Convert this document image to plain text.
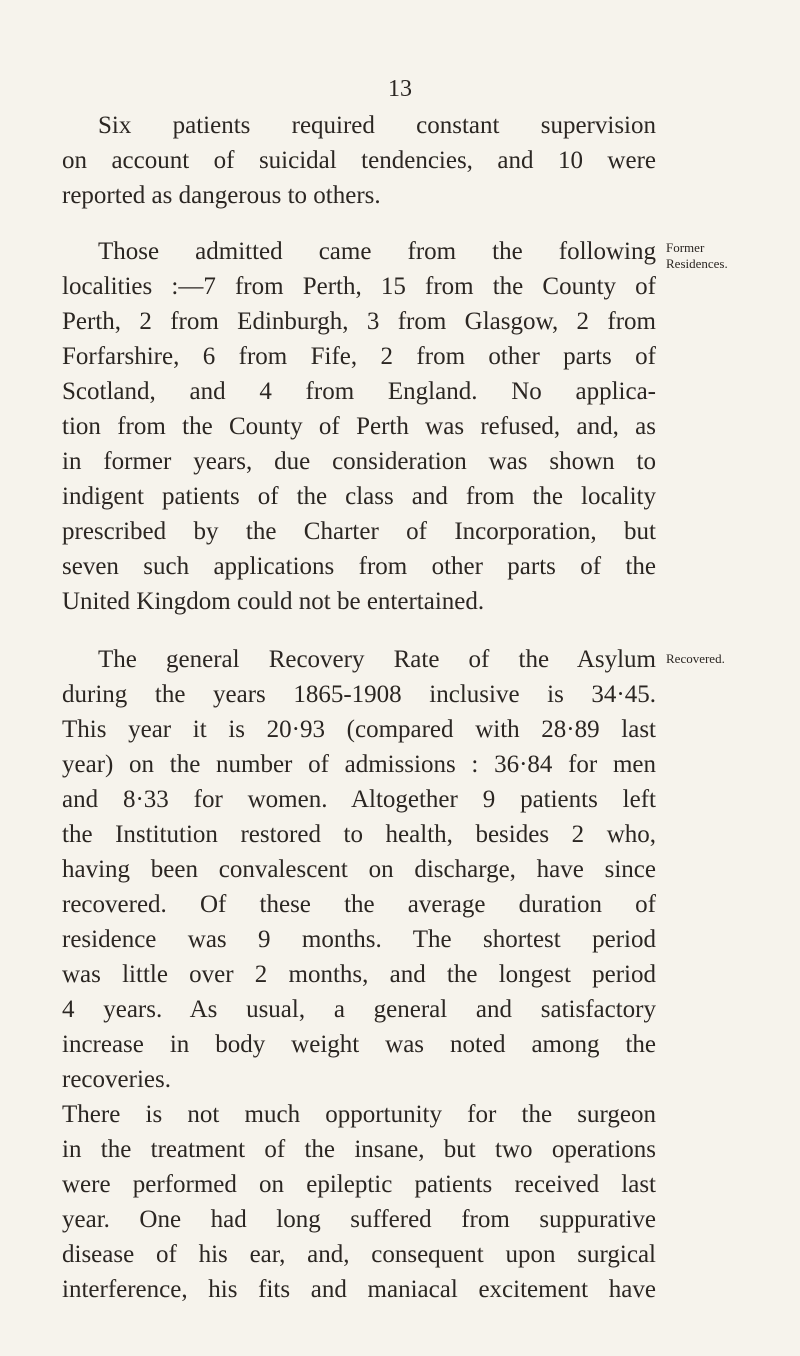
13

Six patients required constant supervision
on account of suicidal tendencies, and 10 were
reported as dangerous to others.

Those admitted came from the following
localities :—7 from Perth, 15 from the County of
Perth, 2 from Edinburgh, 3 from Glasgow, 2 from
Forfarshire, 6 from Fife, 2 from other parts of
Scotland, and 4 from England. No applica-
tion from the County of Perth was refused, and, as
in former years, due consideration was shown to
indigent patients of the class and from the locality
prescribed by the Charter of Incorporation, but
seven such applications from other parts of the
United Kingdom could not be entertained.

The general Recovery Rate of the Asylum
during the years 1865-1908 inclusive is 34·45.
This year it is 20·93 (compared with 28·89 last
year) on the number of admissions : 36·84 for men
and 8·33 for women. Altogether 9 patients left
the Institution restored to health, besides 2 who,
having been convalescent on discharge, have since
recovered. Of these the average duration of
residence was 9 months. The shortest period
was little over 2 months, and the longest period
4 years. As usual, a general and satisfactory
increase in body weight was noted among the
recoveries.

There is not much opportunity for the surgeon
in the treatment of the insane, but two operations
were performed on epileptic patients received last
year. One had long suffered from suppurative
disease of his ear, and, consequent upon surgical
interference, his fits and maniacal excitement have

Former
Residences.
Recovered.
